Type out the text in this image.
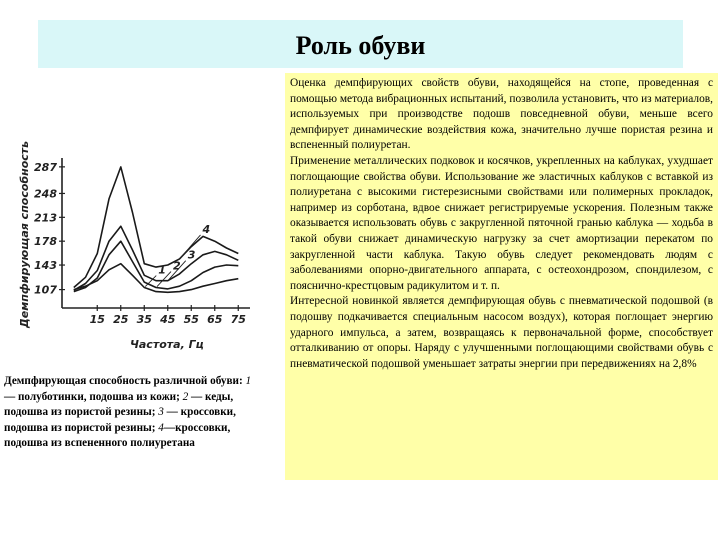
Роль обуви

Оценка демпфирующих свойств обуви, находящейся на стопе, проведенная с помощью метода вибрационных испытаний, позволила установить, что из материалов, используемых при производстве подошв повседневной обуви, меньше всего демпфирует динамические воздействия кожа, значительно лучше пористая резина и вспененный полиуретан.

Применение металлических подковок и косячков, укрепленных на каблуках, ухудшает поглощающие свойства обуви. Использование же эластичных каблуков с вставкой из полиуретана с высокими гистерезисными свойствами или полимерных прокладок, например из сорботана, вдвое снижает регистрируемые ускорения. Полезным также оказывается использовать обувь с закругленной пяточной гранью каблука — ходьба в такой обуви снижает динамическую нагрузку за счет амортизации перекатом по закругленной части каблука. Такую обувь следует рекомендовать людям с заболеваниями опорно-двигательного аппарата, с остеохондрозом, спондилезом, с пояснично-крестцовым радикулитом и т. п.

Интересной новинкой является демпфирующая обувь с пневматической подошвой (в подошву подкачивается специальным насосом воздух), которая поглощает энергию ударного импульса, а затем, возвращаясь к первоначальной форме, способствует отталкиванию от опоры. Наряду с улучшенными поглощающими свойствами обувь с пневматической подошвой уменьшает затраты энергии при передвижениях на 2,8%

Демпфирующая способность
Частота, Гц
287
248
213
178
143
107
15 25 35 45 55 65 75
1 2
3
4
Демпфирующая способность различной обуви: 1 — полуботинки, подошва из кожи; 2 — кеды, подошва из пористой резины; 3 — кроссовки, подошва из пористой резины; 4—кроссовки, подошва из вспененного полиуретана
